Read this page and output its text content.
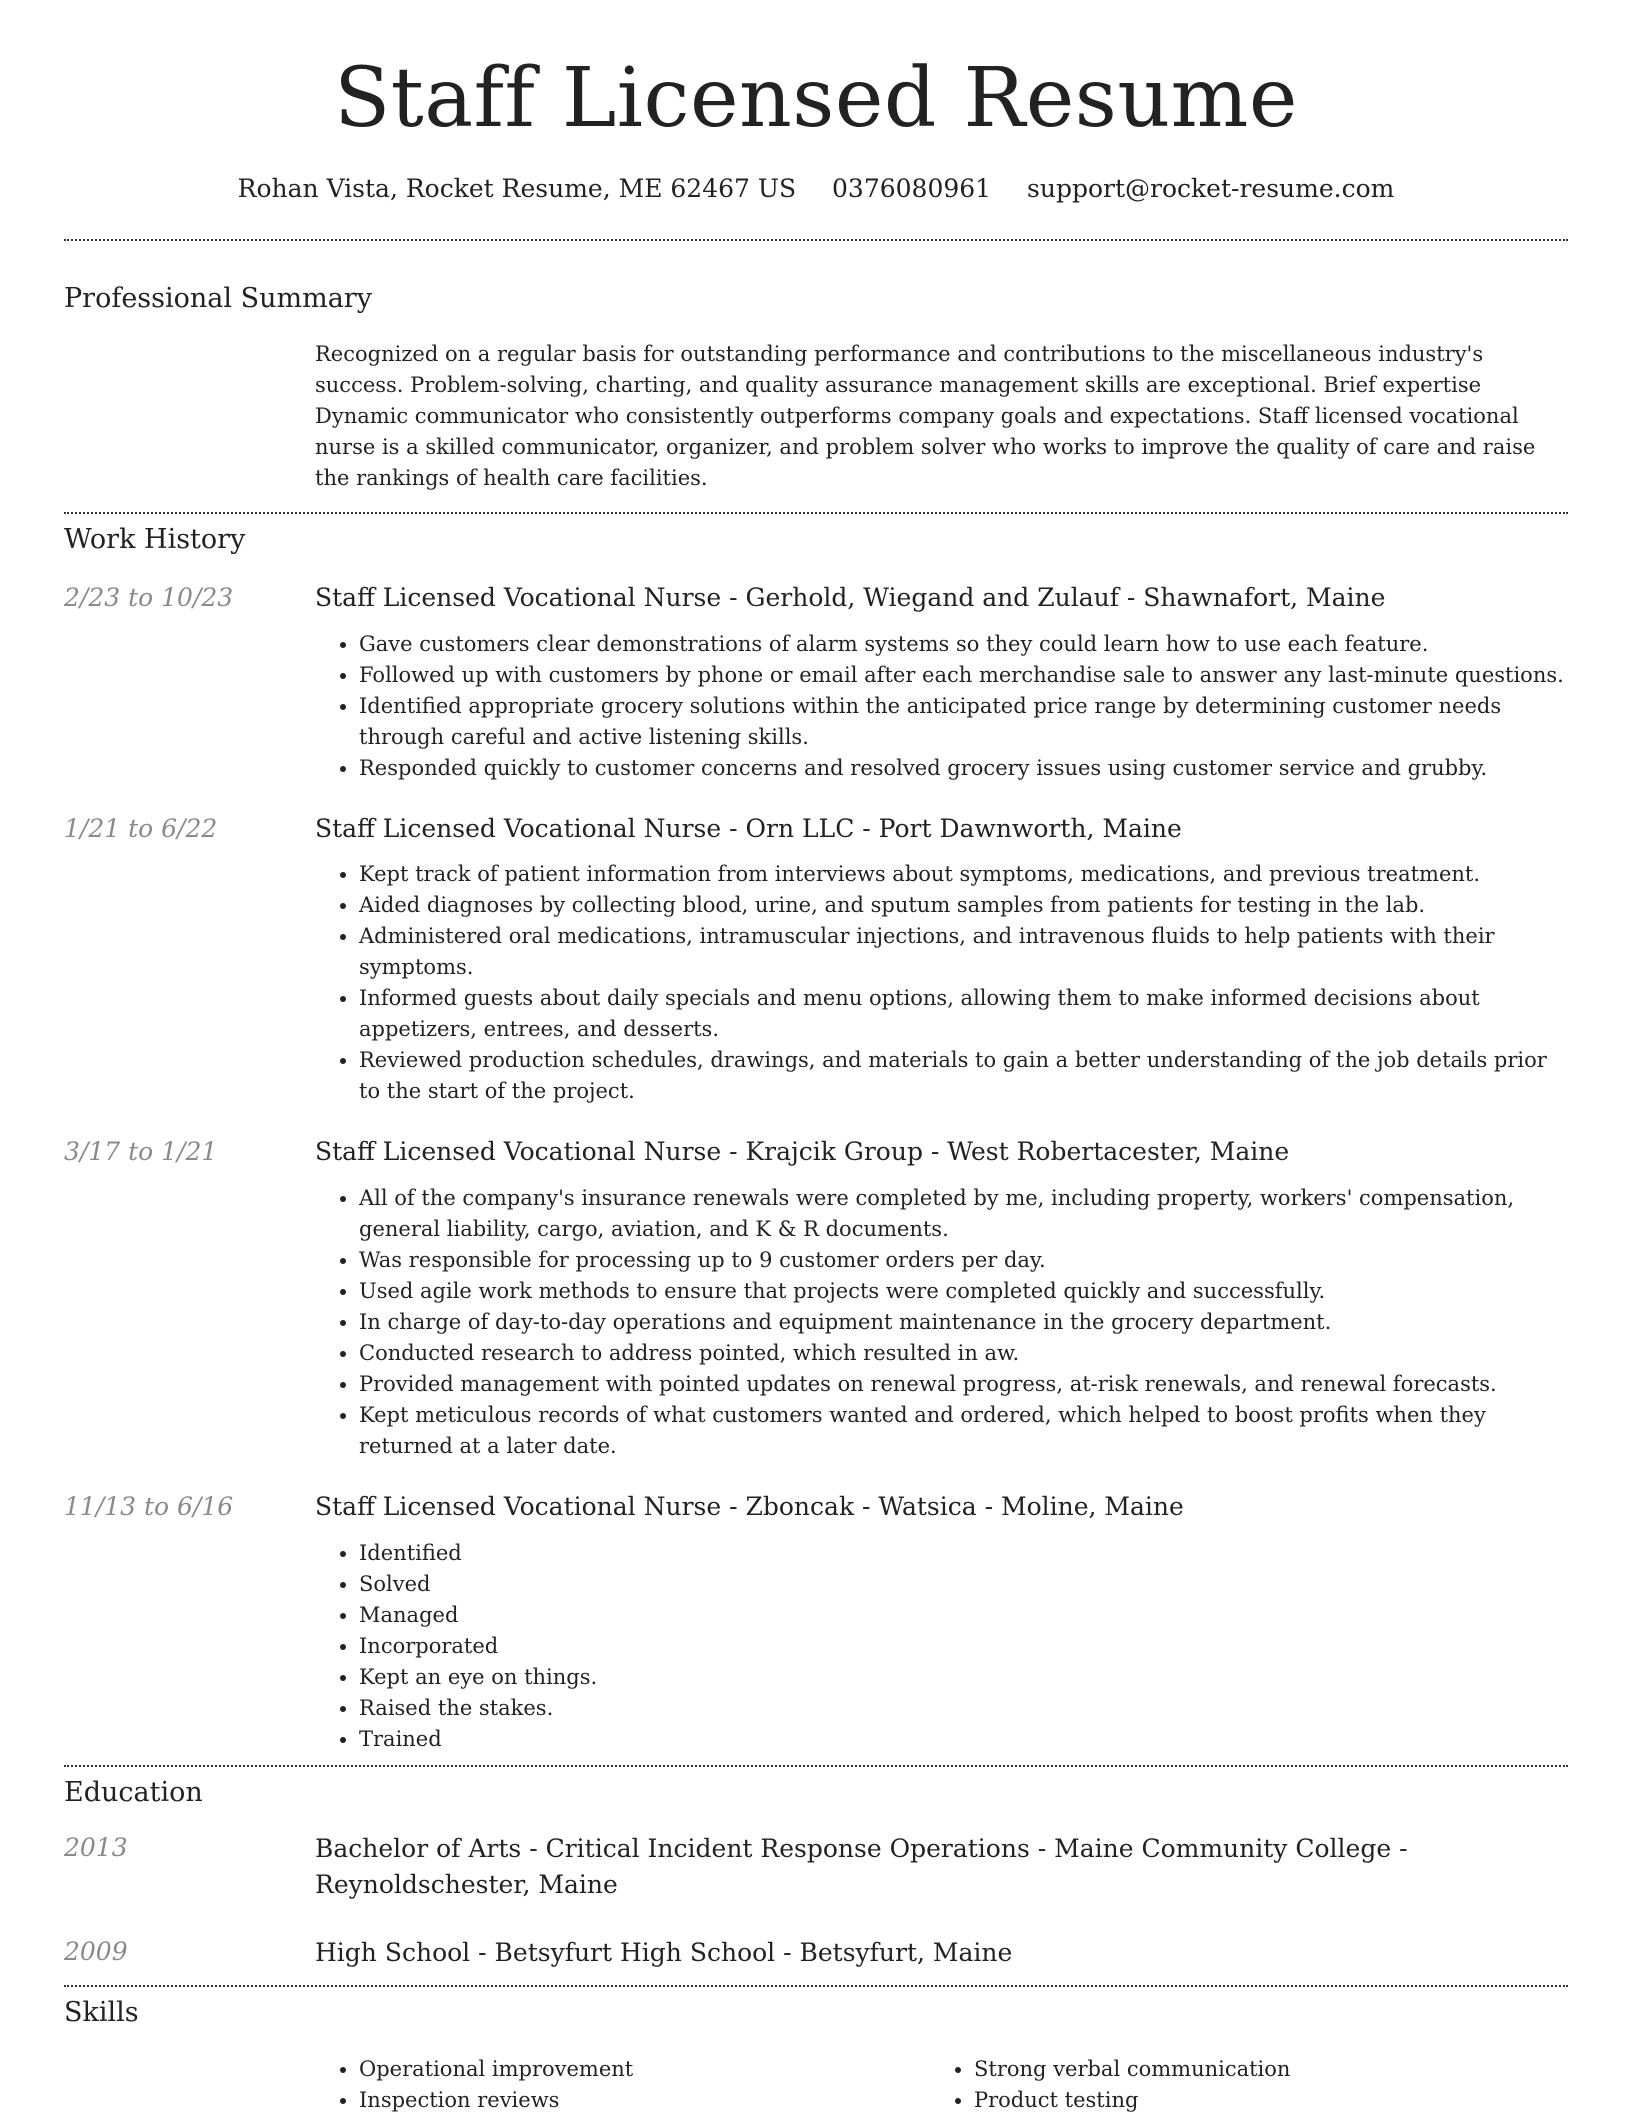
Staff Licensed Resume
Rohan Vista, Rocket Resume, ME 62467 US 0376080961 support@rocket-resume.com
Professional Summary

Recognized on a regular basis for outstanding performance and contributions to the miscellaneous industry's success. Problem-solving, charting, and quality assurance management skills are exceptional. Brief expertise Dynamic communicator who consistently outperforms company goals and expectations. Staff licensed vocational nurse is a skilled communicator, organizer, and problem solver who works to improve the quality of care and raise the rankings of health care facilities.

Work History
2/23 to 10/23	Staff Licensed Vocational Nurse - Gerhold, Wiegand and Zulauf - Shawnafort, Maine

• Gave customers clear demonstrations of alarm systems so they could learn how to use each feature.
• Followed up with customers by phone or email after each merchandise sale to answer any last-minute questions.
• Identified appropriate grocery solutions within the anticipated price range by determining customer needs through careful and active listening skills.
• Responded quickly to customer concerns and resolved grocery issues using customer service and grubby.
1/21 to 6/22	Staff Licensed Vocational Nurse - Orn LLC - Port Dawnworth, Maine

• Kept track of patient information from interviews about symptoms, medications, and previous treatment.
• Aided diagnoses by collecting blood, urine, and sputum samples from patients for testing in the lab.
• Administered oral medications, intramuscular injections, and intravenous fluids to help patients with their symptoms.
• Informed guests about daily specials and menu options, allowing them to make informed decisions about appetizers, entrees, and desserts.
• Reviewed production schedules, drawings, and materials to gain a better understanding of the job details prior to the start of the project.
3/17 to 1/21	Staff Licensed Vocational Nurse - Krajcik Group - West Robertacester, Maine

• All of the company's insurance renewals were completed by me, including property, workers' compensation, general liability, cargo, aviation, and K & R documents.
• Was responsible for processing up to 9 customer orders per day.
• Used agile work methods to ensure that projects were completed quickly and successfully.
• In charge of day-to-day operations and equipment maintenance in the grocery department.
• Conducted research to address pointed, which resulted in aw.
• Provided management with pointed updates on renewal progress, at-risk renewals, and renewal forecasts.
• Kept meticulous records of what customers wanted and ordered, which helped to boost profits when they returned at a later date.
11/13 to 6/16	Staff Licensed Vocational Nurse - Zboncak - Watsica - Moline, Maine

• Identified
• Solved
• Managed
• Incorporated
• Kept an eye on things.
• Raised the stakes.
• Trained
Education
2013	Bachelor of Arts - Critical Incident Response Operations - Maine Community College - Reynoldschester, Maine

2009	High School - Betsyfurt High School - Betsyfurt, Maine

Skills
• Operational improvement
• Inspection reviews
• Strong verbal communication
• Product testing
